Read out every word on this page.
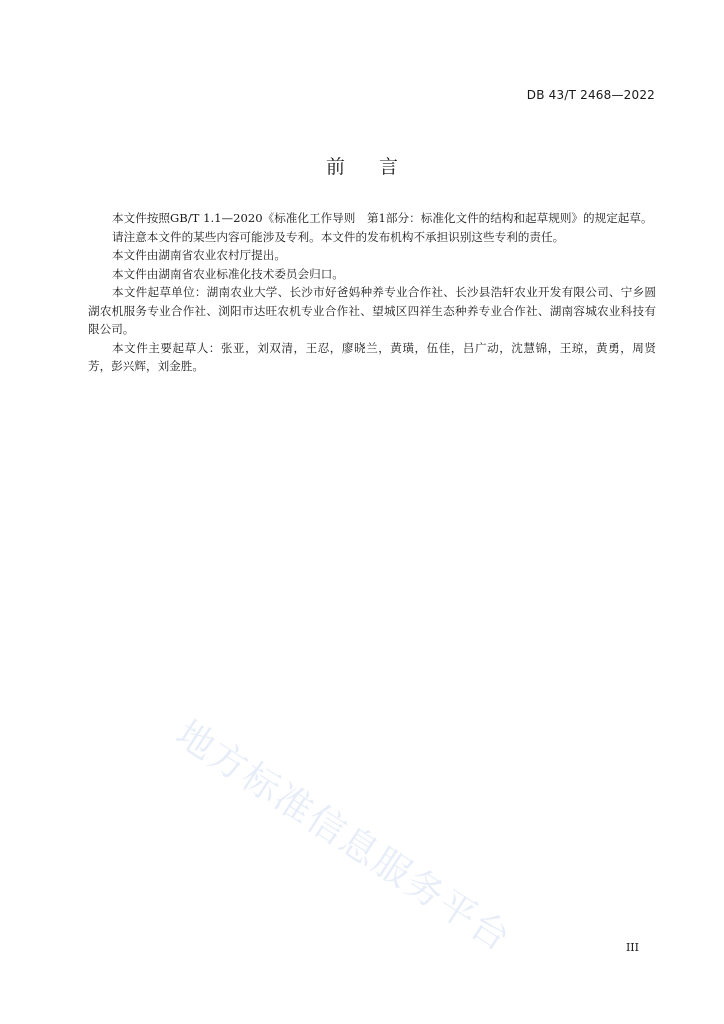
DB 43/T 2468—2022
前 言

本文件按照GB/T 1.1—2020《标准化工作导则　第1部分：标准化文件的结构和起草规则》的规定起草。

请注意本文件的某些内容可能涉及专利。本文件的发布机构不承担识别这些专利的责任。

本文件由湖南省农业农村厅提出。

本文件由湖南省农业标准化技术委员会归口。

本文件起草单位：湖南农业大学、长沙市好爸妈种养专业合作社、长沙县浩轩农业开发有限公司、宁乡圆湖农机服务专业合作社、浏阳市达旺农机专业合作社、望城区四祥生态种养专业合作社、湖南容城农业科技有限公司。

本文件主要起草人：张亚，刘双清，王忍，廖晓兰，黄璜，伍佳，吕广动，沈慧锦，王琼，黄勇，周贤芳，彭兴辉，刘金胜。

地方标准信息服务平台	III
